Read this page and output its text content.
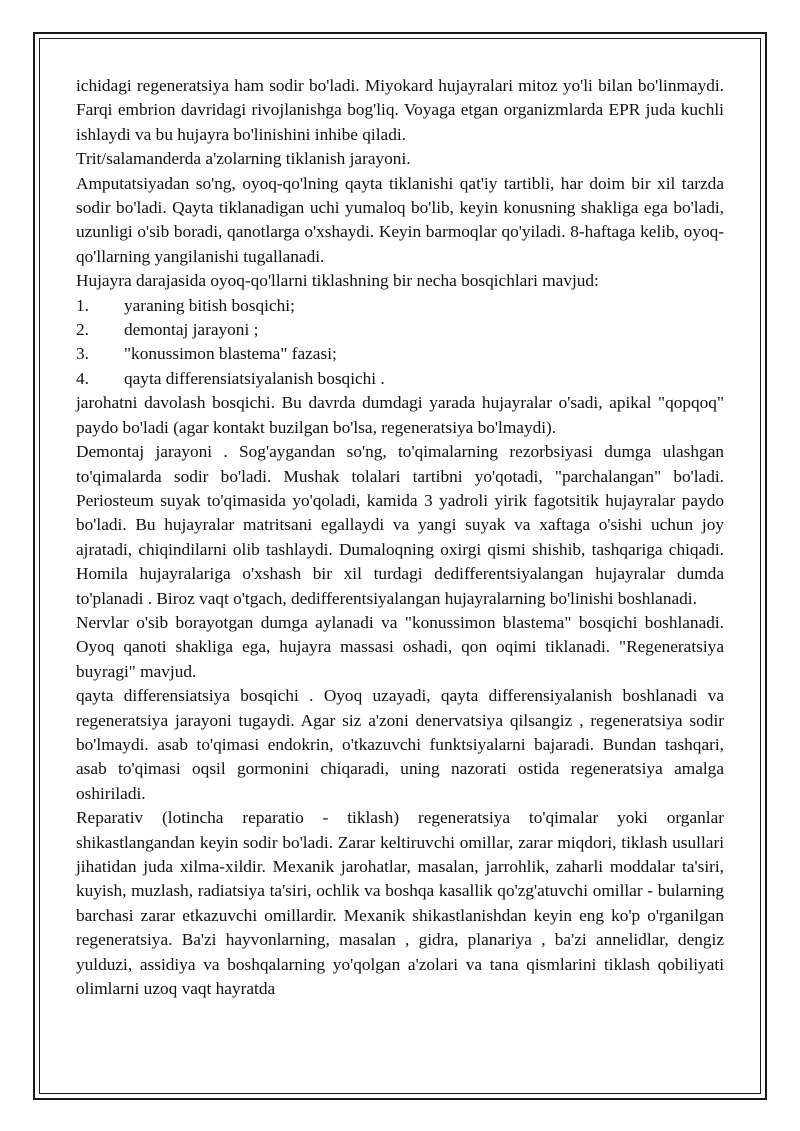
ichidagi regeneratsiya ham sodir bo'ladi. Miyokard hujayralari mitoz yo'li bilan bo'linmaydi. Farqi embrion davridagi rivojlanishga bog'liq. Voyaga etgan organizmlarda EPR juda kuchli ishlaydi va bu hujayra bo'linishini inhibe qiladi.

Trit/salamanderda a'zolarning tiklanish jarayoni.

Amputatsiyadan so'ng, oyoq-qo'lning qayta tiklanishi qat'iy tartibli, har doim bir xil tarzda sodir bo'ladi. Qayta tiklanadigan uchi yumaloq bo'lib, keyin konusning shakliga ega bo'ladi, uzunligi o'sib boradi, qanotlarga o'xshaydi. Keyin barmoqlar qo'yiladi. 8-haftaga kelib, oyoq-qo'llarning yangilanishi tugallanadi.

Hujayra darajasida oyoq-qo'llarni tiklashning bir necha bosqichlari mavjud:

1.	yaraning bitish bosqichi;
2.	demontaj jarayoni ;
3.	"konussimon blastema" fazasi;
4.	qayta differensiatsiyalanish bosqichi .

jarohatni davolash bosqichi. Bu davrda dumdagi yarada hujayralar o'sadi, apikal "qopqoq" paydo bo'ladi (agar kontakt buzilgan bo'lsa, regeneratsiya bo'lmaydi).

Demontaj jarayoni . Sog'aygandan so'ng, to'qimalarning rezorbsiyasi dumga ulashgan to'qimalarda sodir bo'ladi. Mushak tolalari tartibni yo'qotadi, "parchalangan" bo'ladi. Periosteum suyak to'qimasida yo'qoladi, kamida 3 yadroli yirik fagotsitik hujayralar paydo bo'ladi. Bu hujayralar matritsani egallaydi va yangi suyak va xaftaga o'sishi uchun joy ajratadi, chiqindilarni olib tashlaydi. Dumaloqning oxirgi qismi shishib, tashqariga chiqadi. Homila hujayralariga o'xshash bir xil turdagi dedifferentsiyalangan hujayralar dumda to'planadi . Biroz vaqt o'tgach, dedifferentsiyalangan hujayralarning bo'linishi boshlanadi.

Nervlar o'sib borayotgan dumga aylanadi va "konussimon blastema" bosqichi boshlanadi. Oyoq qanoti shakliga ega, hujayra massasi oshadi, qon oqimi tiklanadi. "Regeneratsiya buyragi" mavjud.

qayta differensiatsiya bosqichi . Oyoq uzayadi, qayta differensiyalanish boshlanadi va regeneratsiya jarayoni tugaydi. Agar siz a'zoni denervatsiya qilsangiz , regeneratsiya sodir bo'lmaydi. asab to'qimasi endokrin, o'tkazuvchi funktsiyalarni bajaradi. Bundan tashqari, asab to'qimasi oqsil gormonini chiqaradi, uning nazorati ostida regeneratsiya amalga oshiriladi.

Reparativ (lotincha reparatio - tiklash) regeneratsiya to'qimalar yoki organlar shikastlangandan keyin sodir bo'ladi. Zarar keltiruvchi omillar, zarar miqdori, tiklash usullari jihatidan juda xilma-xildir. Mexanik jarohatlar, masalan, jarrohlik, zaharli moddalar ta'siri, kuyish, muzlash, radiatsiya ta'siri, ochlik va boshqa kasallik qo'zg'atuvchi omillar - bularning barchasi zarar etkazuvchi omillardir. Mexanik shikastlanishdan keyin eng ko'p o'rganilgan regeneratsiya. Ba'zi hayvonlarning, masalan , gidra, planariya , ba'zi annelidlar, dengiz yulduzi, assidiya va boshqalarning yo'qolgan a'zolari va tana qismlarini tiklash qobiliyati olimlarni uzoq vaqt hayratda
